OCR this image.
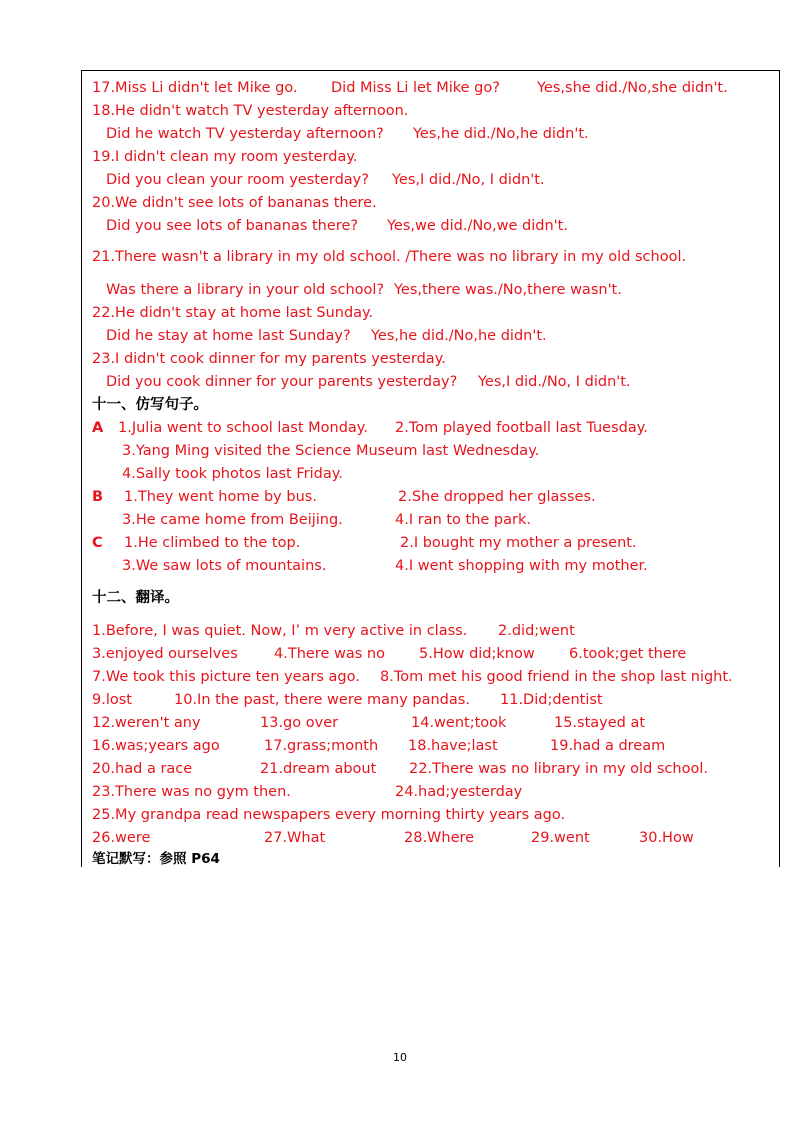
17.Miss Li didn't let Mike go. Did Miss Li let Mike go?	Yes,she did./No,she didn't.
18.He didn't watch TV yesterday afternoon.
Did he watch TV yesterday afternoon? Yes,he did./No,he didn't.
19.I didn't clean my room yesterday.
Did you clean your room yesterday? Yes,I did./No, I didn't.
20.We didn't see lots of bananas there.
Did you see lots of bananas there? Yes,we did./No,we didn't.
21.There wasn't a library in my old school. /There was no library in my old school.
Was there a library in your old school? Yes,there was./No,there wasn't.
22.He didn't stay at home last Sunday.
Did he stay at home last Sunday? Yes,he did./No,he didn't.
23.I didn't cook dinner for my parents yesterday.
Did you cook dinner for your parents yesterday? Yes,I did./No, I didn't.
十一、仿写句子。
A 1.Julia went to school last Monday. 2.Tom played football last Tuesday.
3.Yang Ming visited the Science Museum last Wednesday.
4.Sally took photos last Friday.
B 1.They went home by bus.	2.She dropped her glasses.
3.He came home from Beijing.	4.I ran to the park.
C 1.He climbed to the top.	2.I bought my mother a present.
3.We saw lots of mountains.	4.I went shopping with my mother.
十二、翻译。
1.Before, I was quiet. Now, I’ m very active in class. 2.did;went
3.enjoyed ourselves	4.There was no 5.How did;know 6.took;get there
7.We took this picture ten years ago. 8.Tom met his good friend in the shop last night.
9.lost	10.In the past, there were many pandas. 11.Did;dentist
12.weren't any	13.go over	14.went;took	15.stayed at
16.was;years ago	17.grass;month 18.have;last	19.had a dream
20.had a race	21.dream about 22.There was no library in my old school.
23.There was no gym then.	24.had;yesterday
25.My grandpa read newspapers every morning thirty years ago.
26.were	27.What	28.Where	29.went	30.How
笔记默写：参照 P64
10
